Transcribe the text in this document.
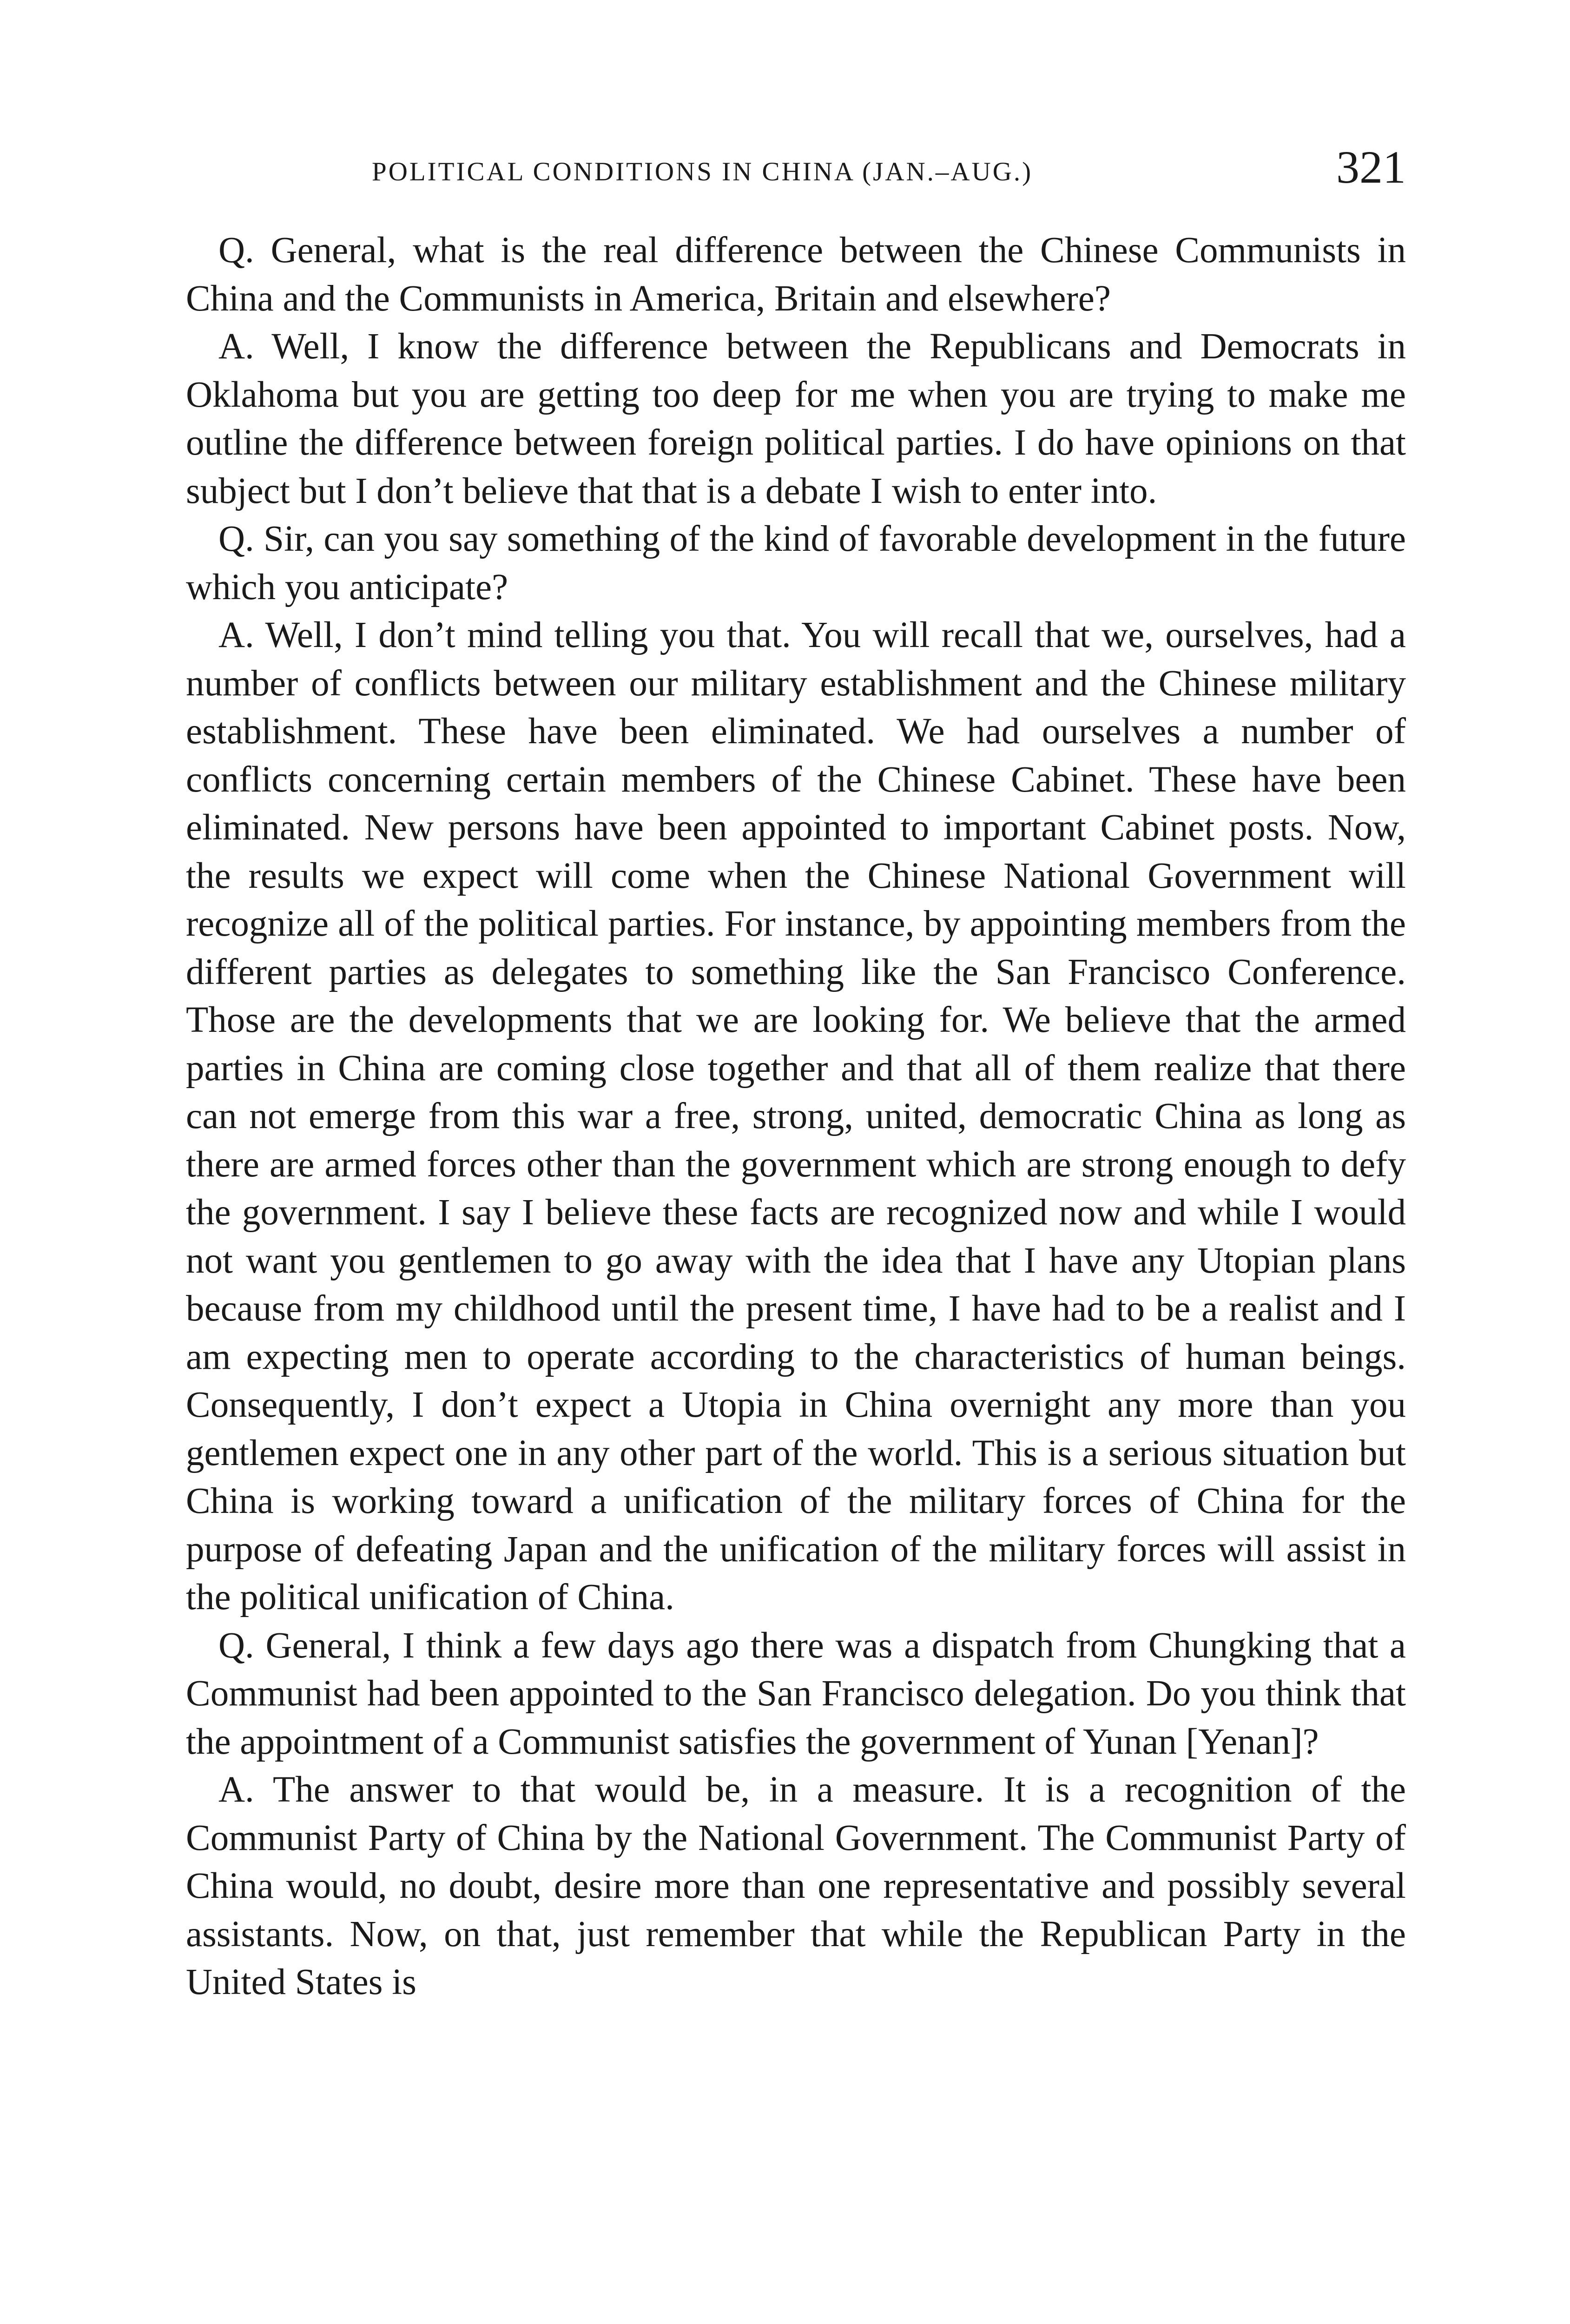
POLITICAL CONDITIONS IN CHINA (JAN.–AUG.)	321

Q. General, what is the real difference between the Chinese Communists in China and the Communists in America, Britain and elsewhere?

A. Well, I know the difference between the Republicans and Democrats in Oklahoma but you are getting too deep for me when you are trying to make me outline the difference between foreign political parties. I do have opinions on that subject but I don’t believe that that is a debate I wish to enter into.

Q. Sir, can you say something of the kind of favorable development in the future which you anticipate?

A. Well, I don’t mind telling you that. You will recall that we, ourselves, had a number of conflicts between our military establishment and the Chinese military establishment. These have been eliminated. We had ourselves a number of conflicts concerning certain members of the Chinese Cabinet. These have been eliminated. New persons have been appointed to important Cabinet posts. Now, the results we expect will come when the Chinese National Government will recognize all of the political parties. For instance, by appointing members from the different parties as delegates to something like the San Francisco Conference. Those are the developments that we are looking for. We believe that the armed parties in China are coming close together and that all of them realize that there can not emerge from this war a free, strong, united, democratic China as long as there are armed forces other than the government which are strong enough to defy the government. I say I believe these facts are recognized now and while I would not want you gentlemen to go away with the idea that I have any Utopian plans because from my childhood until the present time, I have had to be a realist and I am expecting men to operate according to the characteristics of human beings. Consequently, I don’t expect a Utopia in China overnight any more than you gentlemen expect one in any other part of the world. This is a serious situation but China is working toward a unification of the military forces of China for the purpose of defeating Japan and the unification of the military forces will assist in the political unification of China.

Q. General, I think a few days ago there was a dispatch from Chungking that a Communist had been appointed to the San Francisco delegation. Do you think that the appointment of a Communist satisfies the government of Yunan [Yenan]?

A. The answer to that would be, in a measure. It is a recognition of the Communist Party of China by the National Government. The Communist Party of China would, no doubt, desire more than one representative and possibly several assistants. Now, on that, just remember that while the Republican Party in the United States is
